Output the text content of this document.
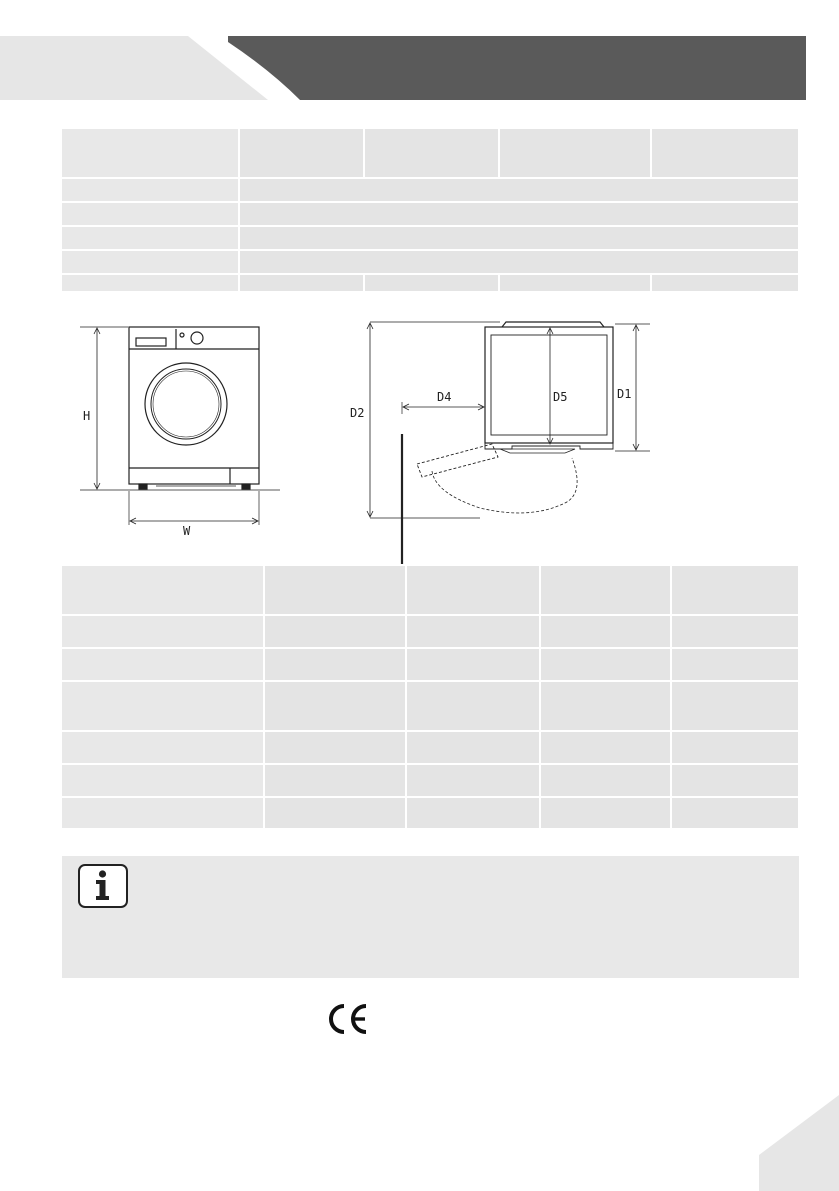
H
W
D2
D4	D5	D1
